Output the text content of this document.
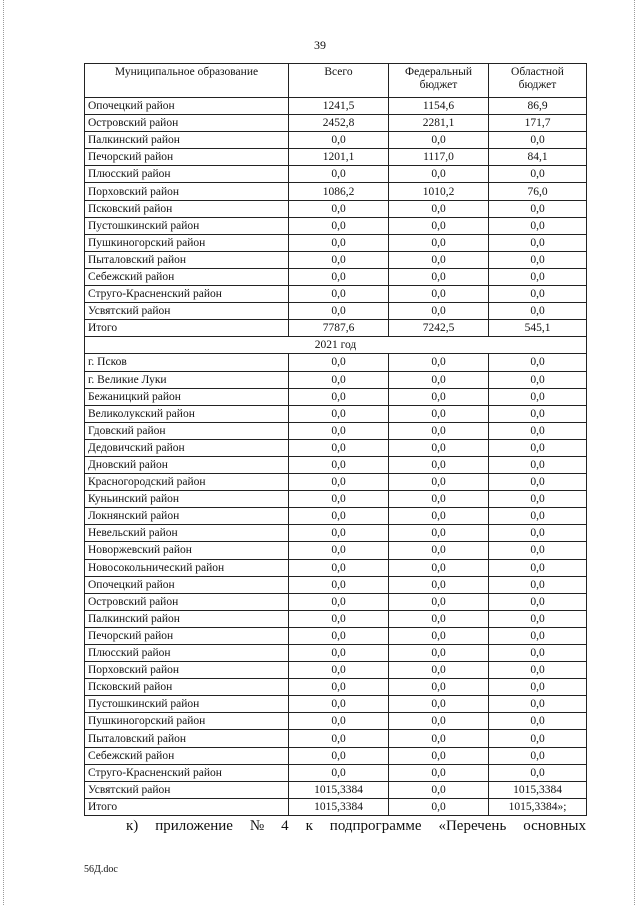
39
Муниципальное образование	Всего	Федеральный бюджет	Областной бюджет
Опочецкий район	1241,5	1154,6	86,9
Островский район	2452,8	2281,1	171,7
Палкинский район	0,0	0,0	0,0
Печорский район	1201,1	1117,0	84,1
Плюсский район	0,0	0,0	0,0
Порховский район	1086,2	1010,2	76,0
Псковский район	0,0	0,0	0,0
Пустошкинский район	0,0	0,0	0,0
Пушкиногорский район	0,0	0,0	0,0
Пыталовский район	0,0	0,0	0,0
Себежский район	0,0	0,0	0,0
Струго-Красненский район	0,0	0,0	0,0
Усвятский район	0,0	0,0	0,0
Итого	7787,6	7242,5	545,1
2021 год			
г. Псков	0,0	0,0	0,0
г. Великие Луки	0,0	0,0	0,0
Бежаницкий район	0,0	0,0	0,0
Великолукский район	0,0	0,0	0,0
Гдовский район	0,0	0,0	0,0
Дедовичский район	0,0	0,0	0,0
Дновский район	0,0	0,0	0,0
Красногородский район	0,0	0,0	0,0
Куньинский район	0,0	0,0	0,0
Локнянский район	0,0	0,0	0,0
Невельский район	0,0	0,0	0,0
Новоржевский район	0,0	0,0	0,0
Новосокольнический район	0,0	0,0	0,0
Опочецкий район	0,0	0,0	0,0
Островский район	0,0	0,0	0,0
Палкинский район	0,0	0,0	0,0
Печорский район	0,0	0,0	0,0
Плюсский район	0,0	0,0	0,0
Порховский район	0,0	0,0	0,0
Псковский район	0,0	0,0	0,0
Пустошкинский район	0,0	0,0	0,0
Пушкиногорский район	0,0	0,0	0,0
Пыталовский район	0,0	0,0	0,0
Себежский район	0,0	0,0	0,0
Струго-Красненский район	0,0	0,0	0,0
Усвятский район	1015,3384	0,0	1015,3384
Итого	1015,3384	0,0	1015,3384»;
к) приложение № 4 к подпрограмме «Перечень основных
56Д.doc
